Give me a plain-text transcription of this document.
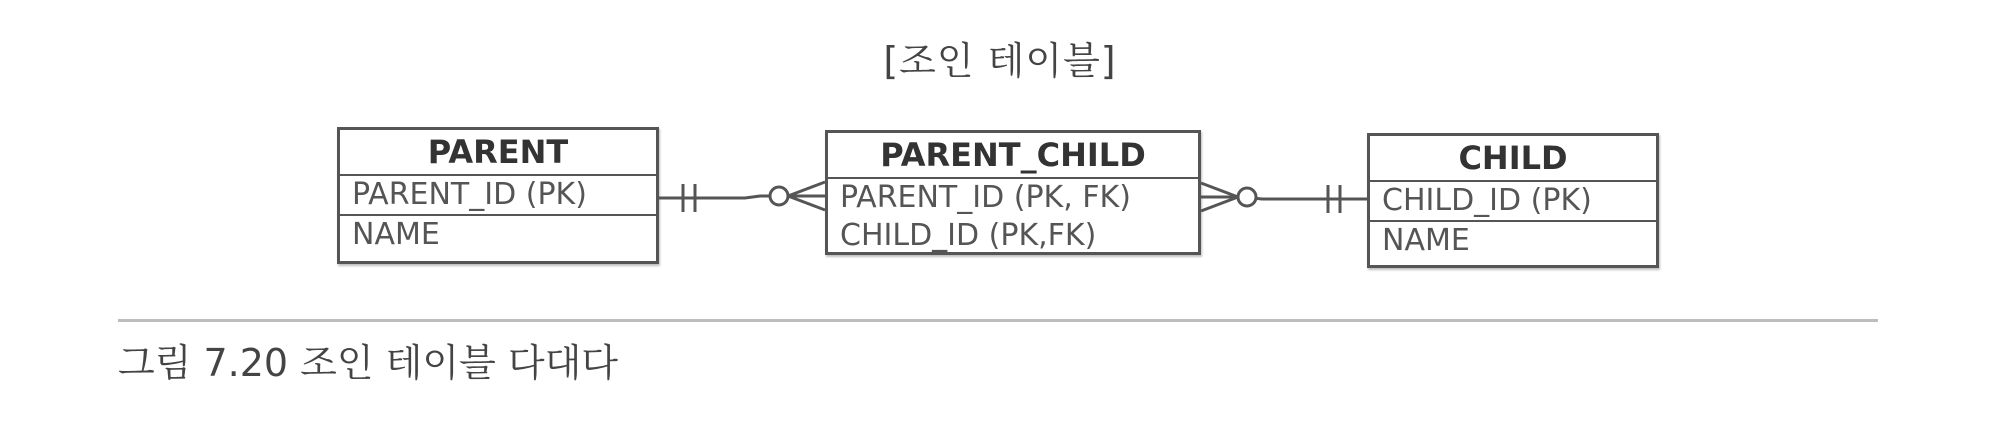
[조인 테이블]
PARENT
PARENT_ID (PK)
NAME
PARENT_CHILD
PARENT_ID (PK, FK)
CHILD_ID (PK,FK)
CHILD
CHILD_ID (PK)
NAME
그림 7.20 조인 테이블 다대다
